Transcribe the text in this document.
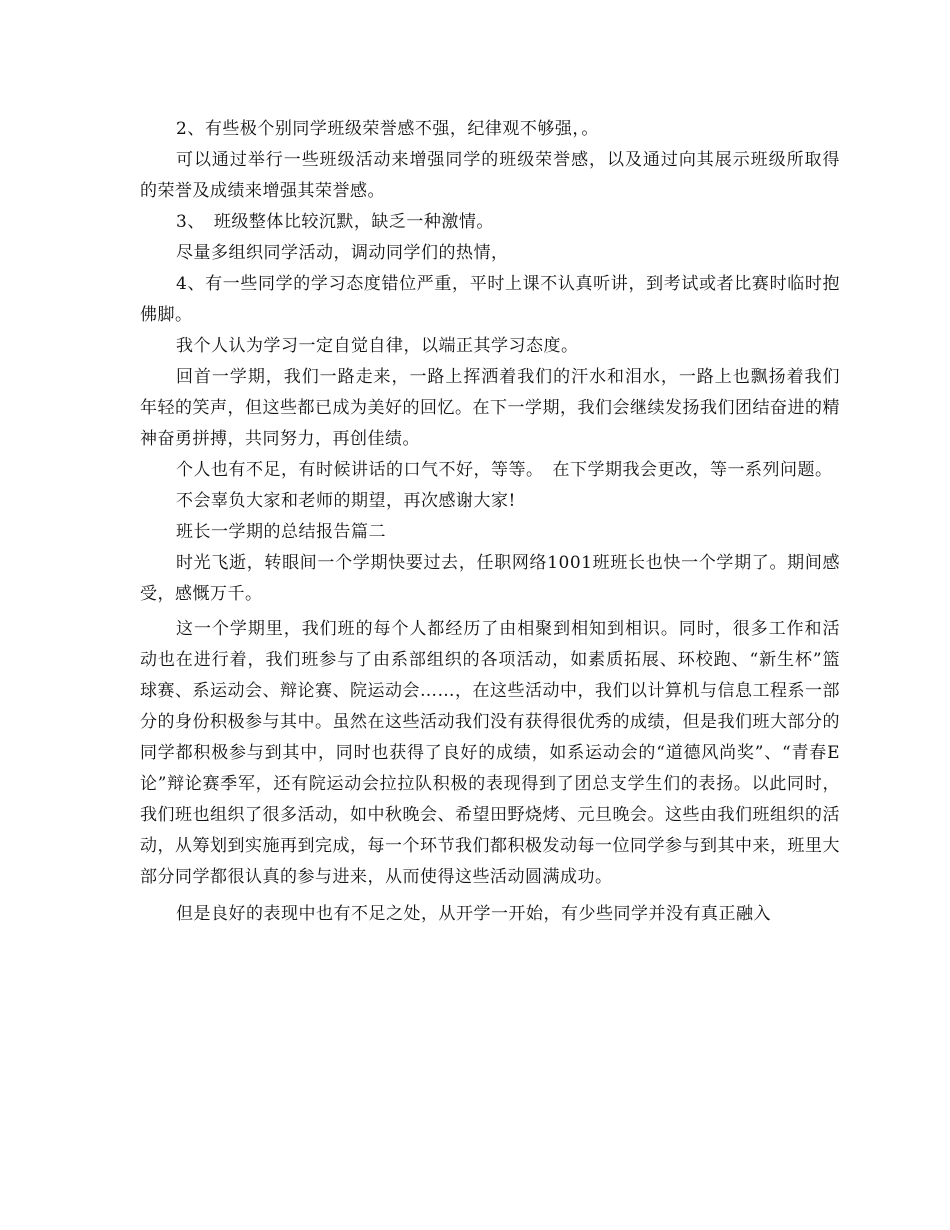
2、有些极个别同学班级荣誉感不强，纪律观不够强，。

可以通过举行一些班级活动来增强同学的班级荣誉感，以及通过向其展示班级所取得的荣誉及成绩来增强其荣誉感。

3、　班级整体比较沉默，缺乏一种激情。

尽量多组织同学活动，调动同学们的热情，

4、有一些同学的学习态度错位严重，平时上课不认真听讲，到考试或者比赛时临时抱佛脚。

我个人认为学习一定自觉自律，以端正其学习态度。

回首一学期，我们一路走来，一路上挥洒着我们的汗水和泪水，一路上也飘扬着我们年轻的笑声，但这些都已成为美好的回忆。在下一学期，我们会继续发扬我们团结奋进的精神奋勇拼搏，共同努力，再创佳绩。

个人也有不足，有时候讲话的口气不好，等等。　在下学期我会更改，等一系列问题。

不会辜负大家和老师的期望，再次感谢大家!

班长一学期的总结报告篇二

时光飞逝，转眼间一个学期快要过去，任职网络1001班班长也快一个学期了。期间感受，感慨万千。

这一个学期里，我们班的每个人都经历了由相聚到相知到相识。同时，很多工作和活动也在进行着，我们班参与了由系部组织的各项活动，如素质拓展、环校跑、“新生杯”篮球赛、系运动会、辩论赛、院运动会……，在这些活动中，我们以计算机与信息工程系一部分的身份积极参与其中。虽然在这些活动我们没有获得很优秀的成绩，但是我们班大部分的同学都积极参与到其中，同时也获得了良好的成绩，如系运动会的“道德风尚奖”、“青春E论”辩论赛季军，还有院运动会拉拉队积极的表现得到了团总支学生们的表扬。以此同时，我们班也组织了很多活动，如中秋晚会、希望田野烧烤、元旦晚会。这些由我们班组织的活动，从筹划到实施再到完成，每一个环节我们都积极发动每一位同学参与到其中来，班里大部分同学都很认真的参与进来，从而使得这些活动圆满成功。

但是良好的表现中也有不足之处，从开学一开始，有少些同学并没有真正融入
